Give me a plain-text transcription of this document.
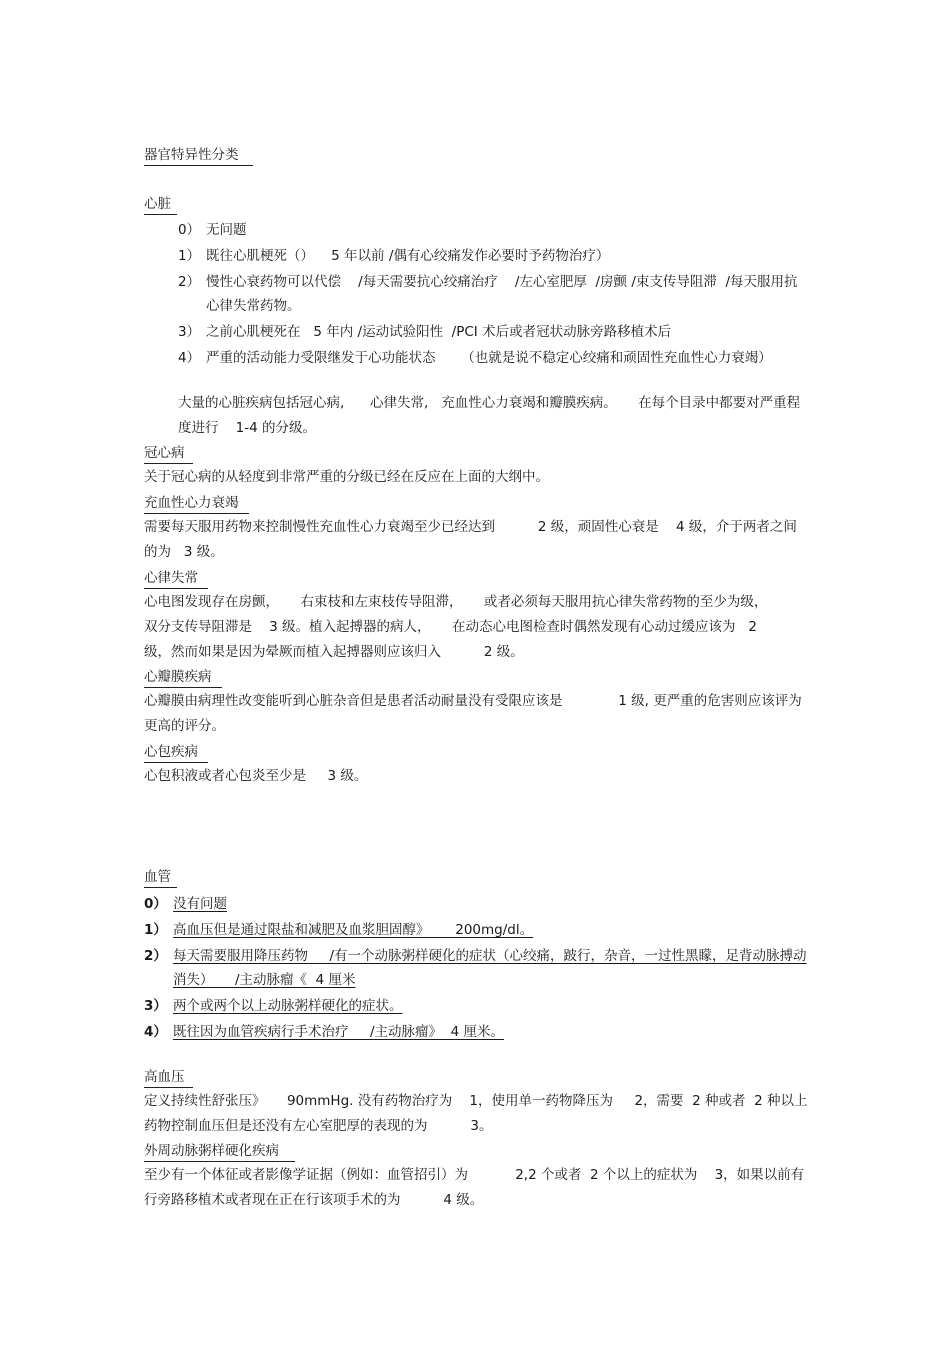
器官特异性分类
心脏
0） 无问题
1） 既往心肌梗死（）    5 年以前 /偶有心绞痛发作必要时予药物治疗）
2） 慢性心衰药物可以代偿    /每天需要抗心绞痛治疗    /左心室肥厚  /房颤 /束支传导阻滞  /每天服用抗心律失常药物。
3） 之前心肌梗死在   5 年内 /运动试验阳性  /PCI 术后或者冠状动脉旁路移植术后
4） 严重的活动能力受限继发于心功能状态      （也就是说不稳定心绞痛和顽固性充血性心力衰竭）

大量的心脏疾病包括冠心病,      心律失常,   充血性心力衰竭和瓣膜疾病。     在每个目录中都要对严重程度进行    1-4 的分级。

冠心病

关于冠心病的从轻度到非常严重的分级已经在反应在上面的大纲中。

充血性心力衰竭

需要每天服用药物来控制慢性充血性心力衰竭至少已经达到          2 级，顽固性心衰是    4 级，介于两者之间的为   3 级。

心律失常

心电图发现存在房颤，     右束枝和左束枝传导阻滞，     或者必须每天服用抗心律失常药物的至少为级，  双分支传导阻滞是    3 级。植入起搏器的病人，     在动态心电图检查时偶然发现有心动过缓应该为   2 级，然而如果是因为晕厥而植入起搏器则应该归入          2 级。

心瓣膜疾病

心瓣膜由病理性改变能听到心脏杂音但是患者活动耐量没有受限应该是             1 级, 更严重的危害则应该评为更高的评分。

心包疾病

心包积液或者心包炎至少是     3 级。

血管
0） 没有问题
1） 高血压但是通过限盐和减肥及血浆胆固醇》      200mg/dl。
2） 每天需要服用降压药物     /有一个动脉粥样硬化的症状（心绞痛，跛行，杂音，一过性黑矇，足背动脉搏动消失）     /主动脉瘤《  4 厘米
3） 两个或两个以上动脉粥样硬化的症状。
4） 既往因为血管疾病行手术治疗     /主动脉瘤》  4 厘米。
高血压

定义持续性舒张压》     90mmHg. 没有药物治疗为    1，使用单一药物降压为     2，需要  2 种或者  2 种以上药物控制血压但是还没有左心室肥厚的表现的为          3。

外周动脉粥样硬化疾病

至少有一个体征或者影像学证据（例如：血管招引）为           2,2 个或者  2 个以上的症状为    3，如果以前有行旁路移植术或者现在正在行该项手术的为          4 级。
